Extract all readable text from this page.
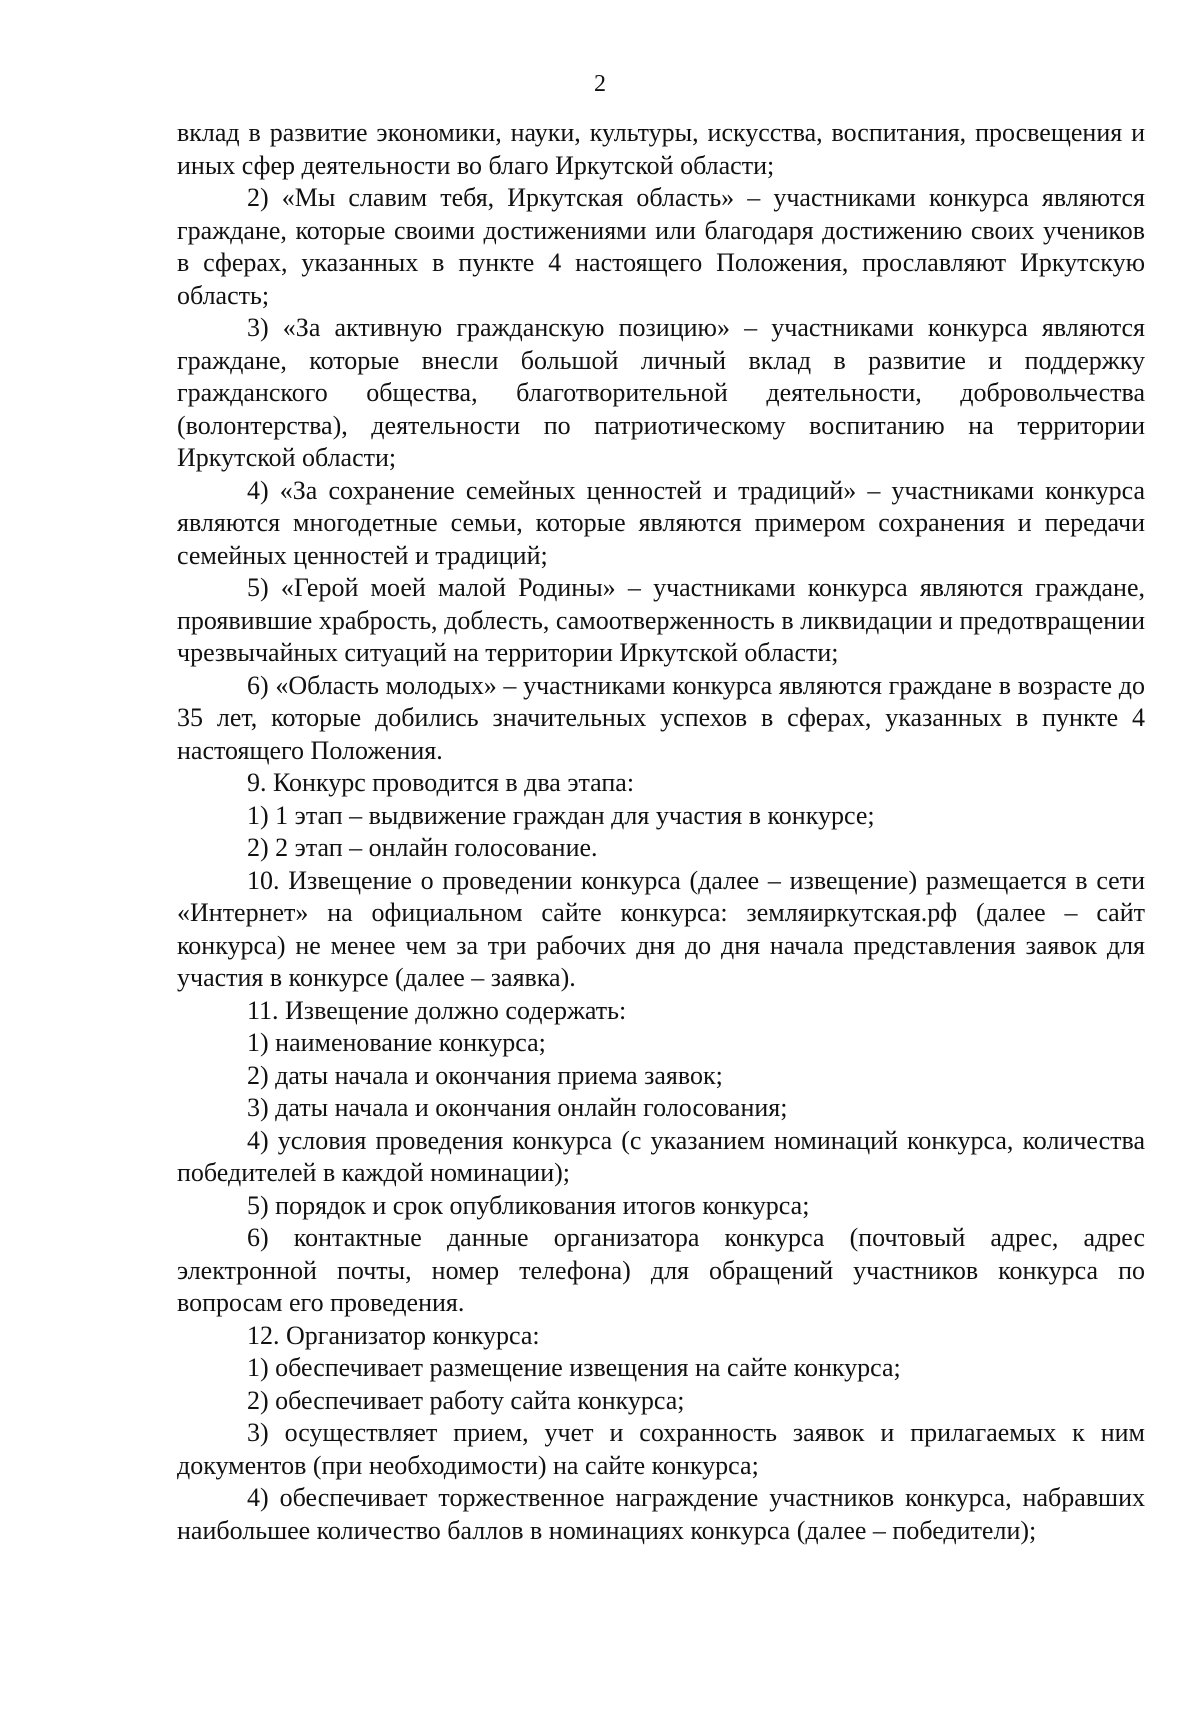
2

вклад в развитие экономики, науки, культуры, искусства, воспитания, просвещения и иных сфер деятельности во благо Иркутской области;

2) «Мы славим тебя, Иркутская область» – участниками конкурса являются граждане, которые своими достижениями или благодаря достижению своих учеников в сферах, указанных в пункте 4 настоящего Положения, прославляют Иркутскую область;

3) «За активную гражданскую позицию» – участниками конкурса являются граждане, которые внесли большой личный вклад в развитие и поддержку гражданского общества, благотворительной деятельности, добровольчества (волонтерства), деятельности по патриотическому воспитанию на территории Иркутской области;

4) «За сохранение семейных ценностей и традиций» – участниками конкурса являются многодетные семьи, которые являются примером сохранения и передачи семейных ценностей и традиций;

5) «Герой моей малой Родины» – участниками конкурса являются граждане, проявившие храбрость, доблесть, самоотверженность в ликвидации и предотвращении чрезвычайных ситуаций на территории Иркутской области;

6) «Область молодых» – участниками конкурса являются граждане в возрасте до 35 лет, которые добились значительных успехов в сферах, указанных в пункте 4 настоящего Положения.

9. Конкурс проводится в два этапа:

1) 1 этап – выдвижение граждан для участия в конкурсе;

2) 2 этап – онлайн голосование.

10. Извещение о проведении конкурса (далее – извещение) размещается в сети «Интернет» на официальном сайте конкурса: земляиркутская.рф (далее – сайт конкурса) не менее чем за три рабочих дня до дня начала представления заявок для участия в конкурсе (далее – заявка).

11. Извещение должно содержать:

1) наименование конкурса;

2) даты начала и окончания приема заявок;

3) даты начала и окончания онлайн голосования;

4) условия проведения конкурса (с указанием номинаций конкурса, количества победителей в каждой номинации);

5) порядок и срок опубликования итогов конкурса;

6) контактные данные организатора конкурса (почтовый адрес, адрес электронной почты, номер телефона) для обращений участников конкурса по вопросам его проведения.

12. Организатор конкурса:

1) обеспечивает размещение извещения на сайте конкурса;

2) обеспечивает работу сайта конкурса;

3) осуществляет прием, учет и сохранность заявок и прилагаемых к ним документов (при необходимости) на сайте конкурса;

4) обеспечивает торжественное награждение участников конкурса, набравших наибольшее количество баллов в номинациях конкурса (далее – победители);
